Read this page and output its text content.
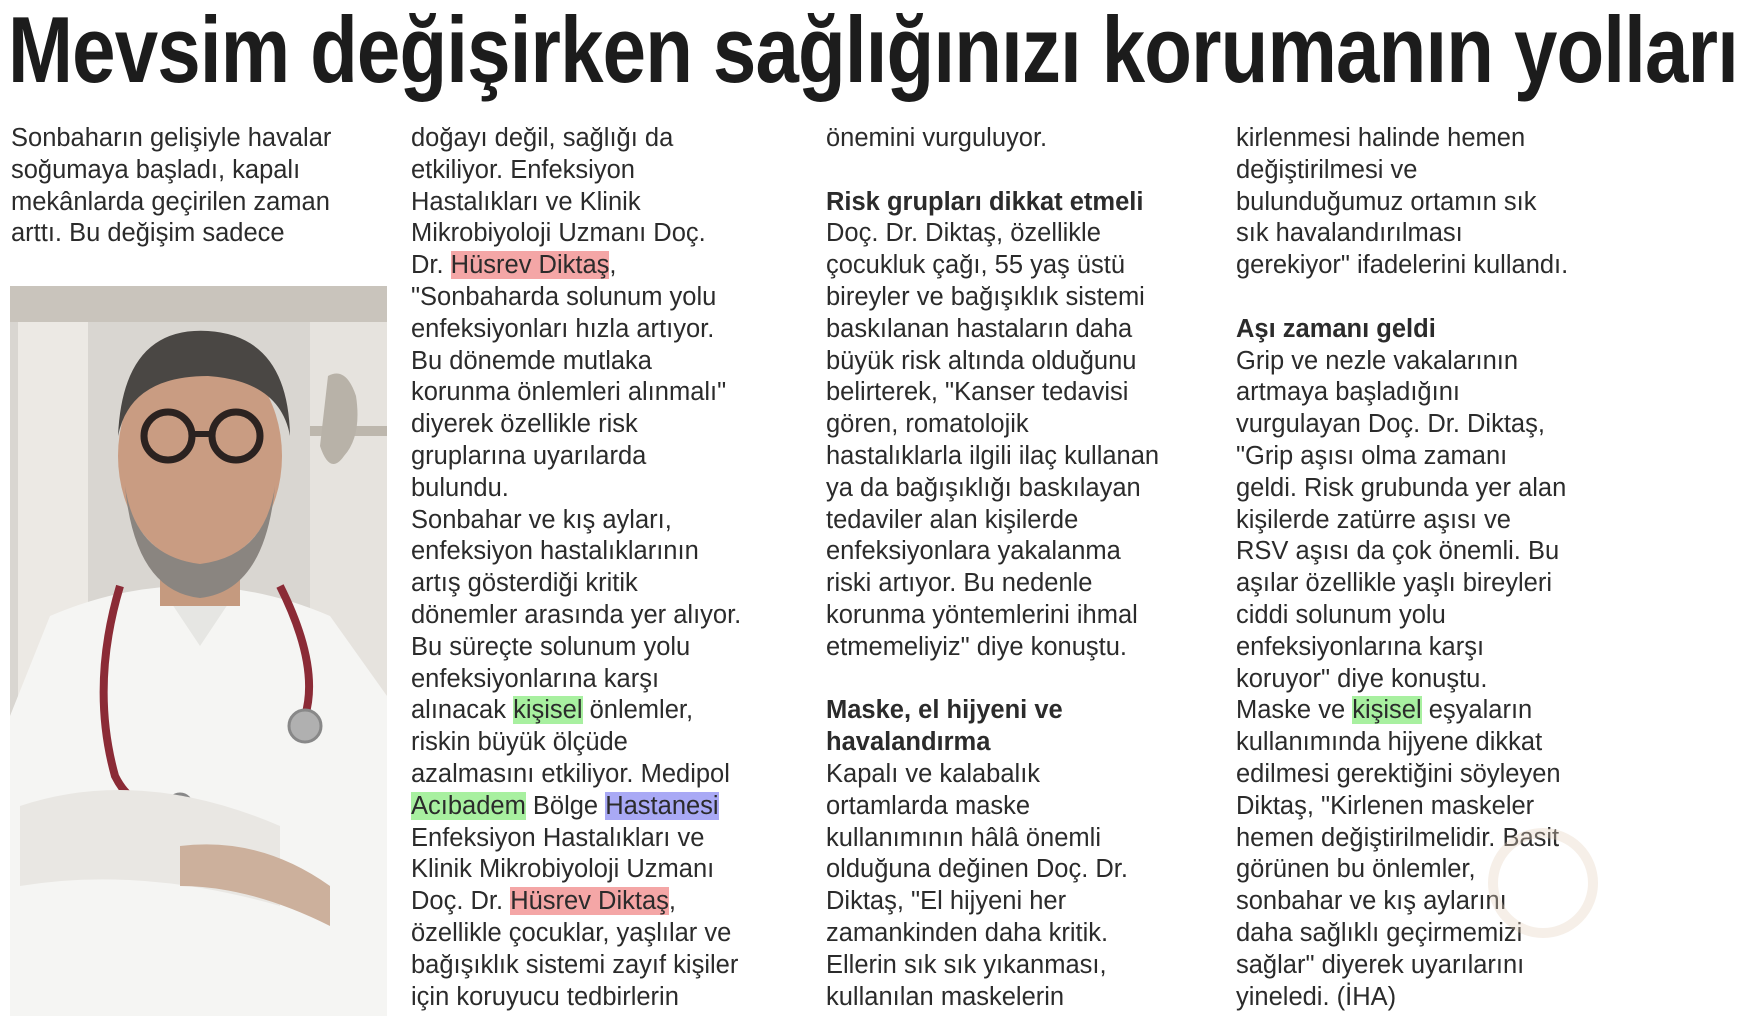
Mevsim değişirken sağlığınızı korumanın yolları

Sonbaharın gelişiyle havalar

soğumaya başladı, kapalı

mekânlarda geçirilen zaman

arttı. Bu değişim sadece

doğayı değil, sağlığı da

etkiliyor. Enfeksiyon

Hastalıkları ve Klinik

Mikrobiyoloji Uzmanı Doç.

Dr. Hüsrev Diktaş,

"Sonbaharda solunum yolu

enfeksiyonları hızla artıyor.

Bu dönemde mutlaka

korunma önlemleri alınmalı"

diyerek özellikle risk

gruplarına uyarılarda

bulundu.

Sonbahar ve kış ayları,

enfeksiyon hastalıklarının

artış gösterdiği kritik

dönemler arasında yer alıyor.

Bu süreçte solunum yolu

enfeksiyonlarına karşı

alınacak kişisel önlemler,

riskin büyük ölçüde

azalmasını etkiliyor. Medipol

Acıbadem Bölge Hastanesi

Enfeksiyon Hastalıkları ve

Klinik Mikrobiyoloji Uzmanı

Doç. Dr. Hüsrev Diktaş,

özellikle çocuklar, yaşlılar ve

bağışıklık sistemi zayıf kişiler

için koruyucu tedbirlerin

önemini vurguluyor.

Risk grupları dikkat etmeli

Doç. Dr. Diktaş, özellikle

çocukluk çağı, 55 yaş üstü

bireyler ve bağışıklık sistemi

baskılanan hastaların daha

büyük risk altında olduğunu

belirterek, "Kanser tedavisi

gören, romatolojik

hastalıklarla ilgili ilaç kullanan

ya da bağışıklığı baskılayan

tedaviler alan kişilerde

enfeksiyonlara yakalanma

riski artıyor. Bu nedenle

korunma yöntemlerini ihmal

etmemeliyiz" diye konuştu.

Maske, el hijyeni ve
havalandırma

Kapalı ve kalabalık

ortamlarda maske

kullanımının hâlâ önemli

olduğuna değinen Doç. Dr.

Diktaş, "El hijyeni her

zamankinden daha kritik.

Ellerin sık sık yıkanması,

kullanılan maskelerin

kirlenmesi halinde hemen

değiştirilmesi ve

bulunduğumuz ortamın sık

sık havalandırılması

gerekiyor" ifadelerini kullandı.

Aşı zamanı geldi

Grip ve nezle vakalarının

artmaya başladığını

vurgulayan Doç. Dr. Diktaş,

"Grip aşısı olma zamanı

geldi. Risk grubunda yer alan

kişilerde zatürre aşısı ve

RSV aşısı da çok önemli. Bu

aşılar özellikle yaşlı bireyleri

ciddi solunum yolu

enfeksiyonlarına karşı

koruyor" diye konuştu.

Maske ve kişisel eşyaların

kullanımında hijyene dikkat

edilmesi gerektiğini söyleyen

Diktaş, "Kirlenen maskeler

hemen değiştirilmelidir. Basit

görünen bu önlemler,

sonbahar ve kış aylarını

daha sağlıklı geçirmemizi

sağlar" diyerek uyarılarını

yineledi. (İHA)
